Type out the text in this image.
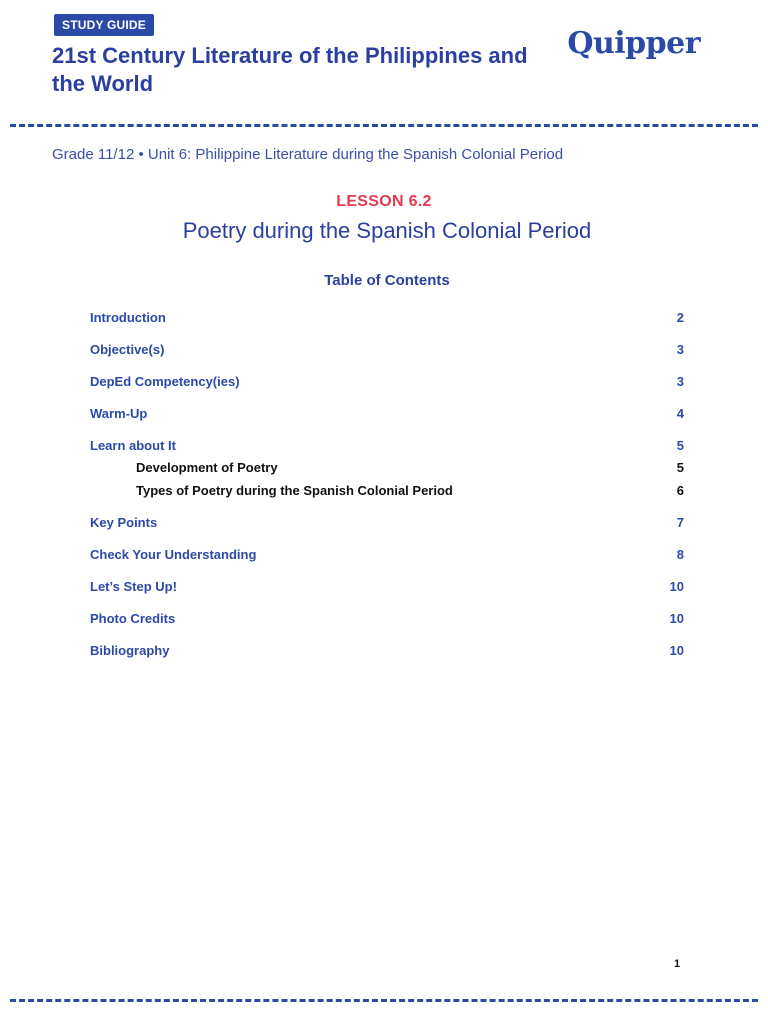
STUDY GUIDE
21st Century Literature of the Philippines and the World
Quipper
Grade 11/12 • Unit 6: Philippine Literature during the Spanish Colonial Period
LESSON 6.2
Poetry during the Spanish Colonial Period
Table of Contents
Introduction	2
Objective(s)	3
DepEd Competency(ies)	3
Warm-Up	4
Learn about It	5
Development of Poetry	5
Types of Poetry during the Spanish Colonial Period	6
Key Points	7
Check Your Understanding	8
Let’s Step Up!	10
Photo Credits	10
Bibliography	10
1
